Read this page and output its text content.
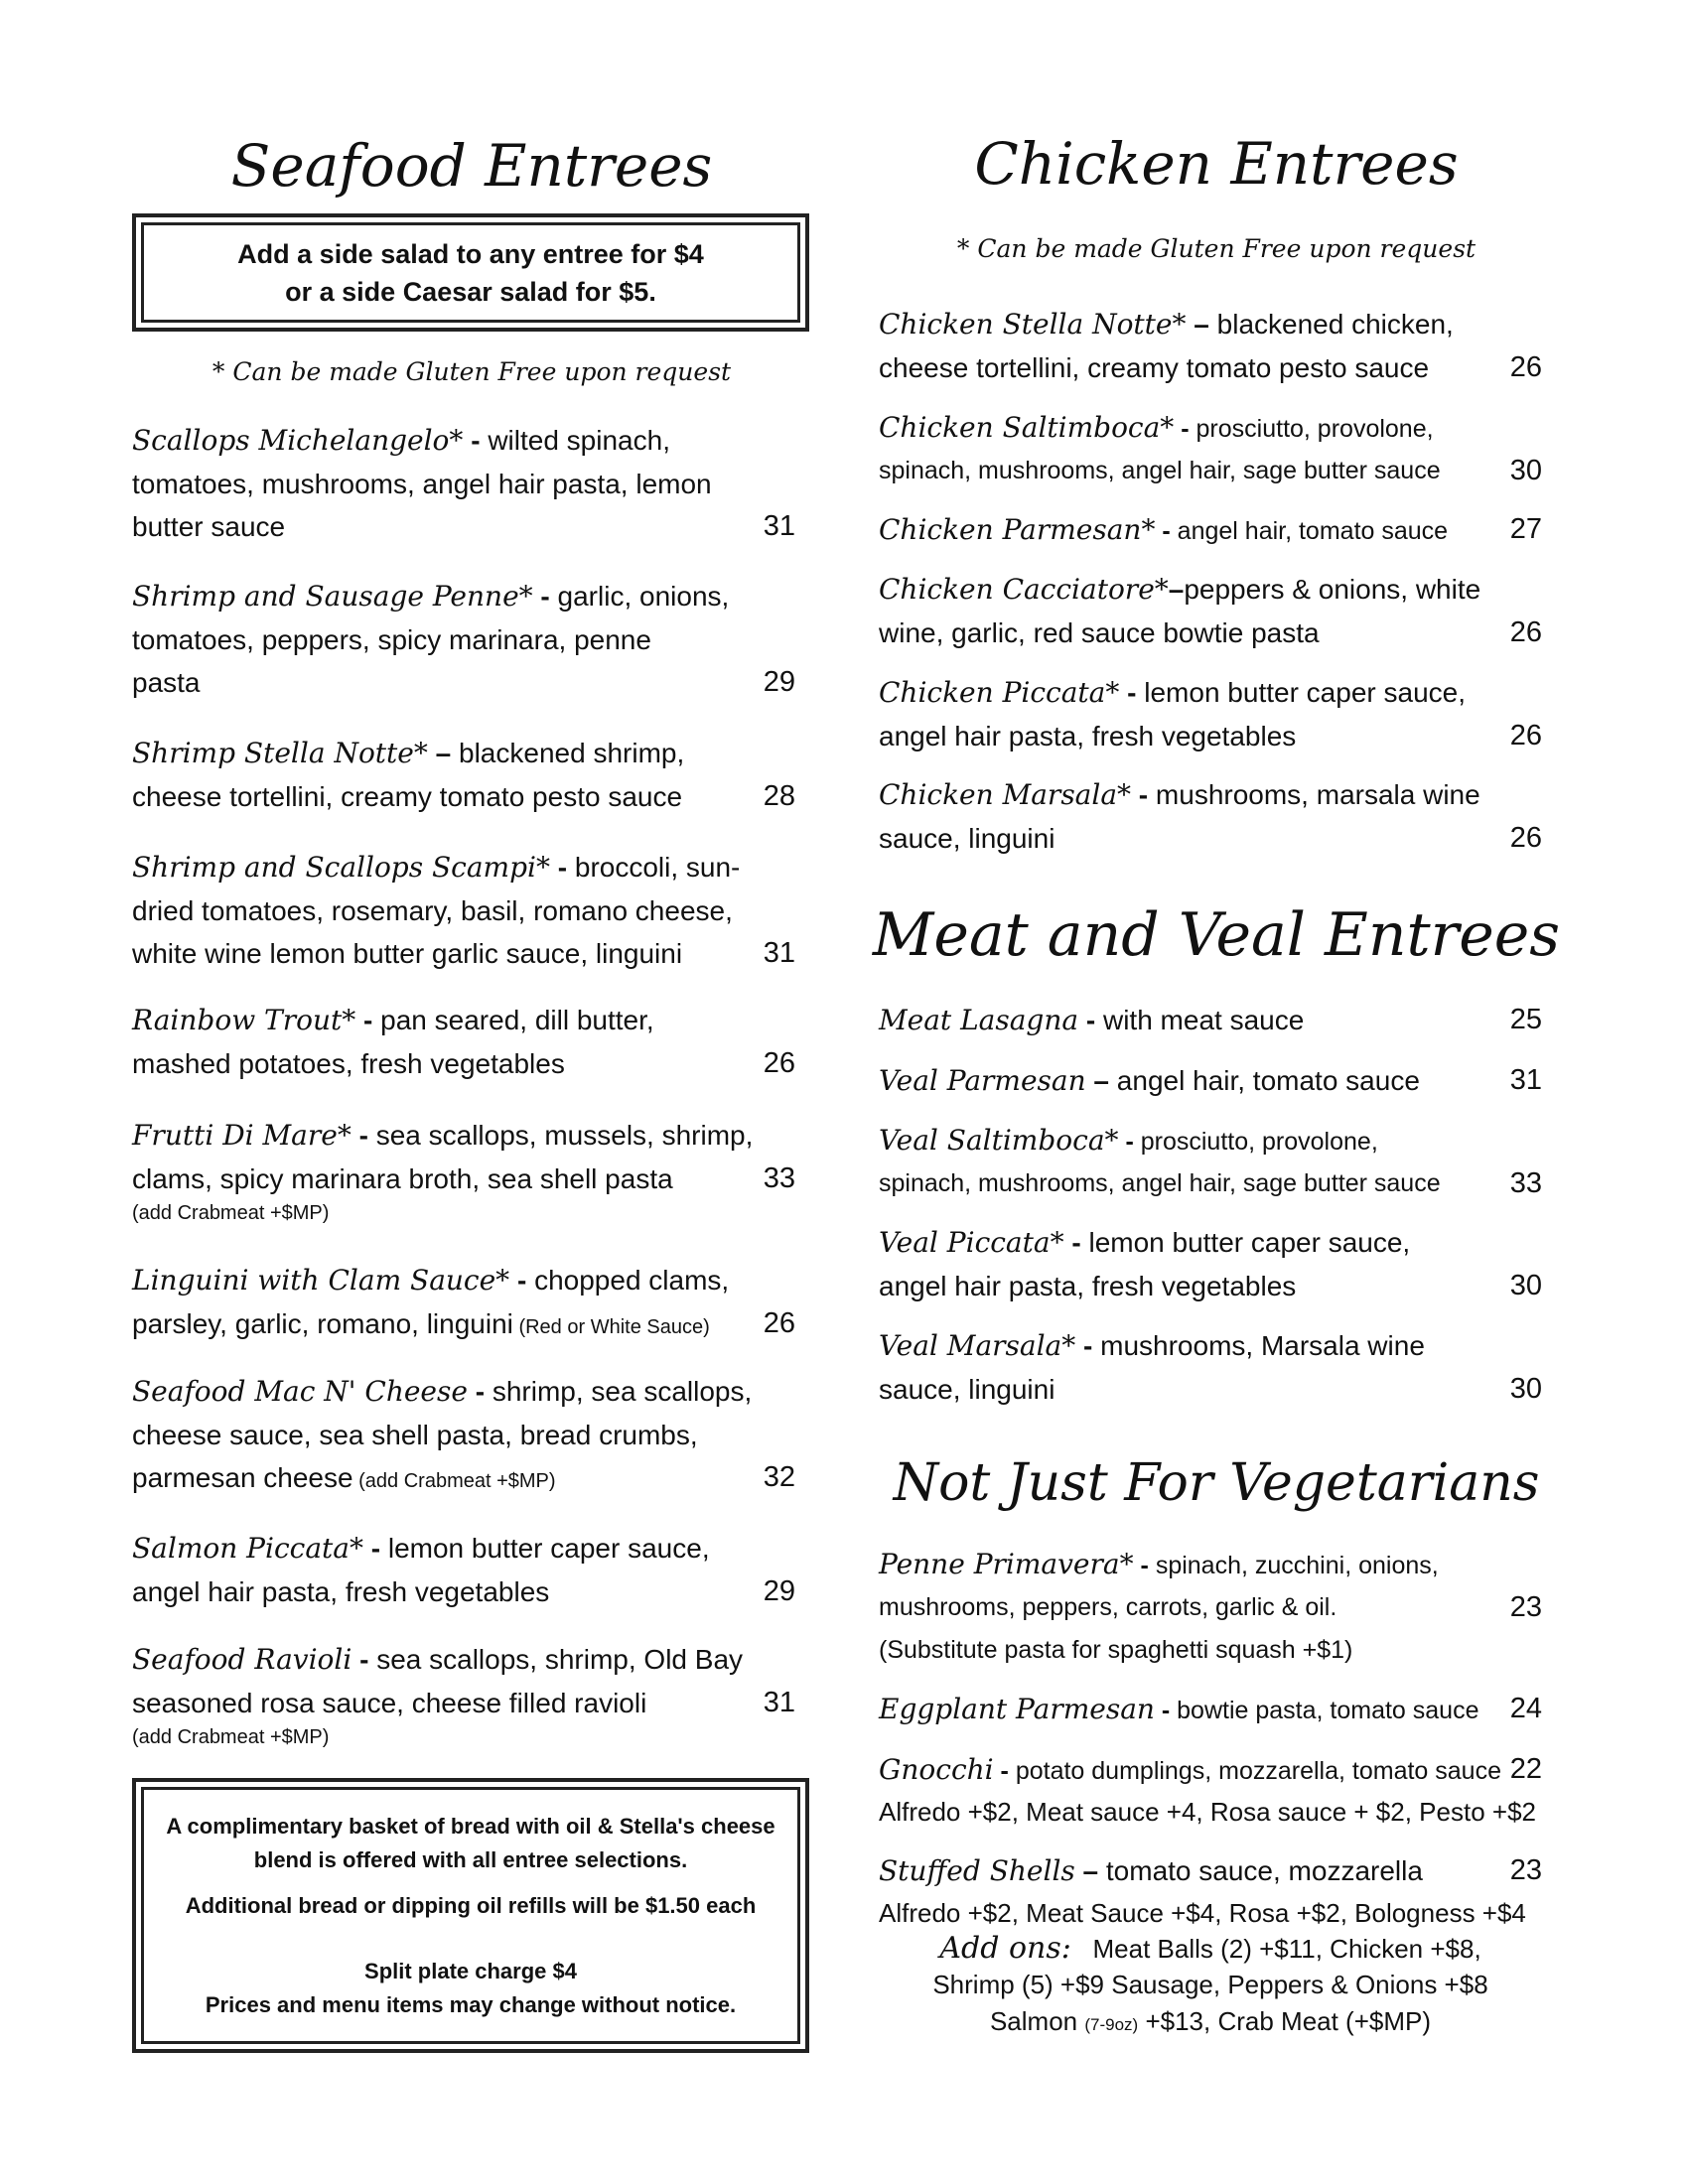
Seafood Entrees
Add a side salad to any entree for $4
or a side Caesar salad for $5.
* Can be made Gluten Free upon request
Scallops Michelangelo* - wilted spinach,
tomatoes, mushrooms, angel hair pasta, lemon
butter sauce	31
Shrimp and Sausage Penne* - garlic, onions,
tomatoes, peppers, spicy marinara, penne
pasta	29
Shrimp Stella Notte* – blackened shrimp,
cheese tortellini, creamy tomato pesto sauce	28
Shrimp and Scallops Scampi* - broccoli, sun-
dried tomatoes, rosemary, basil, romano cheese,
white wine lemon butter garlic sauce, linguini	31
Rainbow Trout* - pan seared, dill butter,
mashed potatoes, fresh vegetables	26
Frutti Di Mare* - sea scallops, mussels, shrimp,
clams, spicy marinara broth, sea shell pasta	33
(add Crabmeat +$MP)
Linguini with Clam Sauce* - chopped clams,
parsley, garlic, romano, linguini (Red or White Sauce) 26
Seafood Mac N' Cheese - shrimp, sea scallops,
cheese sauce, sea shell pasta, bread crumbs,
parmesan cheese (add Crabmeat +$MP)	32
Salmon Piccata* - lemon butter caper sauce,
angel hair pasta, fresh vegetables	29
Seafood Ravioli - sea scallops, shrimp, Old Bay
seasoned rosa sauce, cheese filled ravioli	31
(add Crabmeat +$MP)
A complimentary basket of bread with oil & Stella's cheese
blend is offered with all entree selections.
Additional bread or dipping oil refills will be $1.50 each
Split plate charge $4
Prices and menu items may change without notice.
Chicken Entrees
* Can be made Gluten Free upon request
Chicken Stella Notte* – blackened chicken,
cheese tortellini, creamy tomato pesto sauce	26
Chicken Saltimboca* - prosciutto, provolone,
spinach, mushrooms, angel hair, sage butter sauce 30
Chicken Parmesan* - angel hair, tomato sauce 27
Chicken Cacciatore*–peppers & onions, white
wine, garlic, red sauce bowtie pasta	26
Chicken Piccata* - lemon butter caper sauce,
angel hair pasta, fresh vegetables	26
Chicken Marsala* - mushrooms, marsala wine
sauce, linguini	26
Meat and Veal Entrees
Meat Lasagna - with meat sauce	25
Veal Parmesan – angel hair, tomato sauce	31
Veal Saltimboca* - prosciutto, provolone,
spinach, mushrooms, angel hair, sage butter sauce 33
Veal Piccata* - lemon butter caper sauce,
angel hair pasta, fresh vegetables	30
Veal Marsala* - mushrooms, Marsala wine
sauce, linguini	30
Not Just For Vegetarians
Penne Primavera* - spinach, zucchini, onions,
mushrooms, peppers, carrots, garlic & oil.	23
(Substitute pasta for spaghetti squash +$1)
Eggplant Parmesan - bowtie pasta, tomato sauce 24
Gnocchi - potato dumplings, mozzarella, tomato sauce 22
Alfredo +$2, Meat sauce +4, Rosa sauce + $2, Pesto +$2
Stuffed Shells – tomato sauce, mozzarella	23
Alfredo +$2, Meat Sauce +$4, Rosa +$2, Bologness +$4
Add ons: Meat Balls (2) +$11, Chicken +$8,
Shrimp (5) +$9 Sausage, Peppers & Onions +$8
Salmon (7-9oz) +$13, Crab Meat (+$MP)
